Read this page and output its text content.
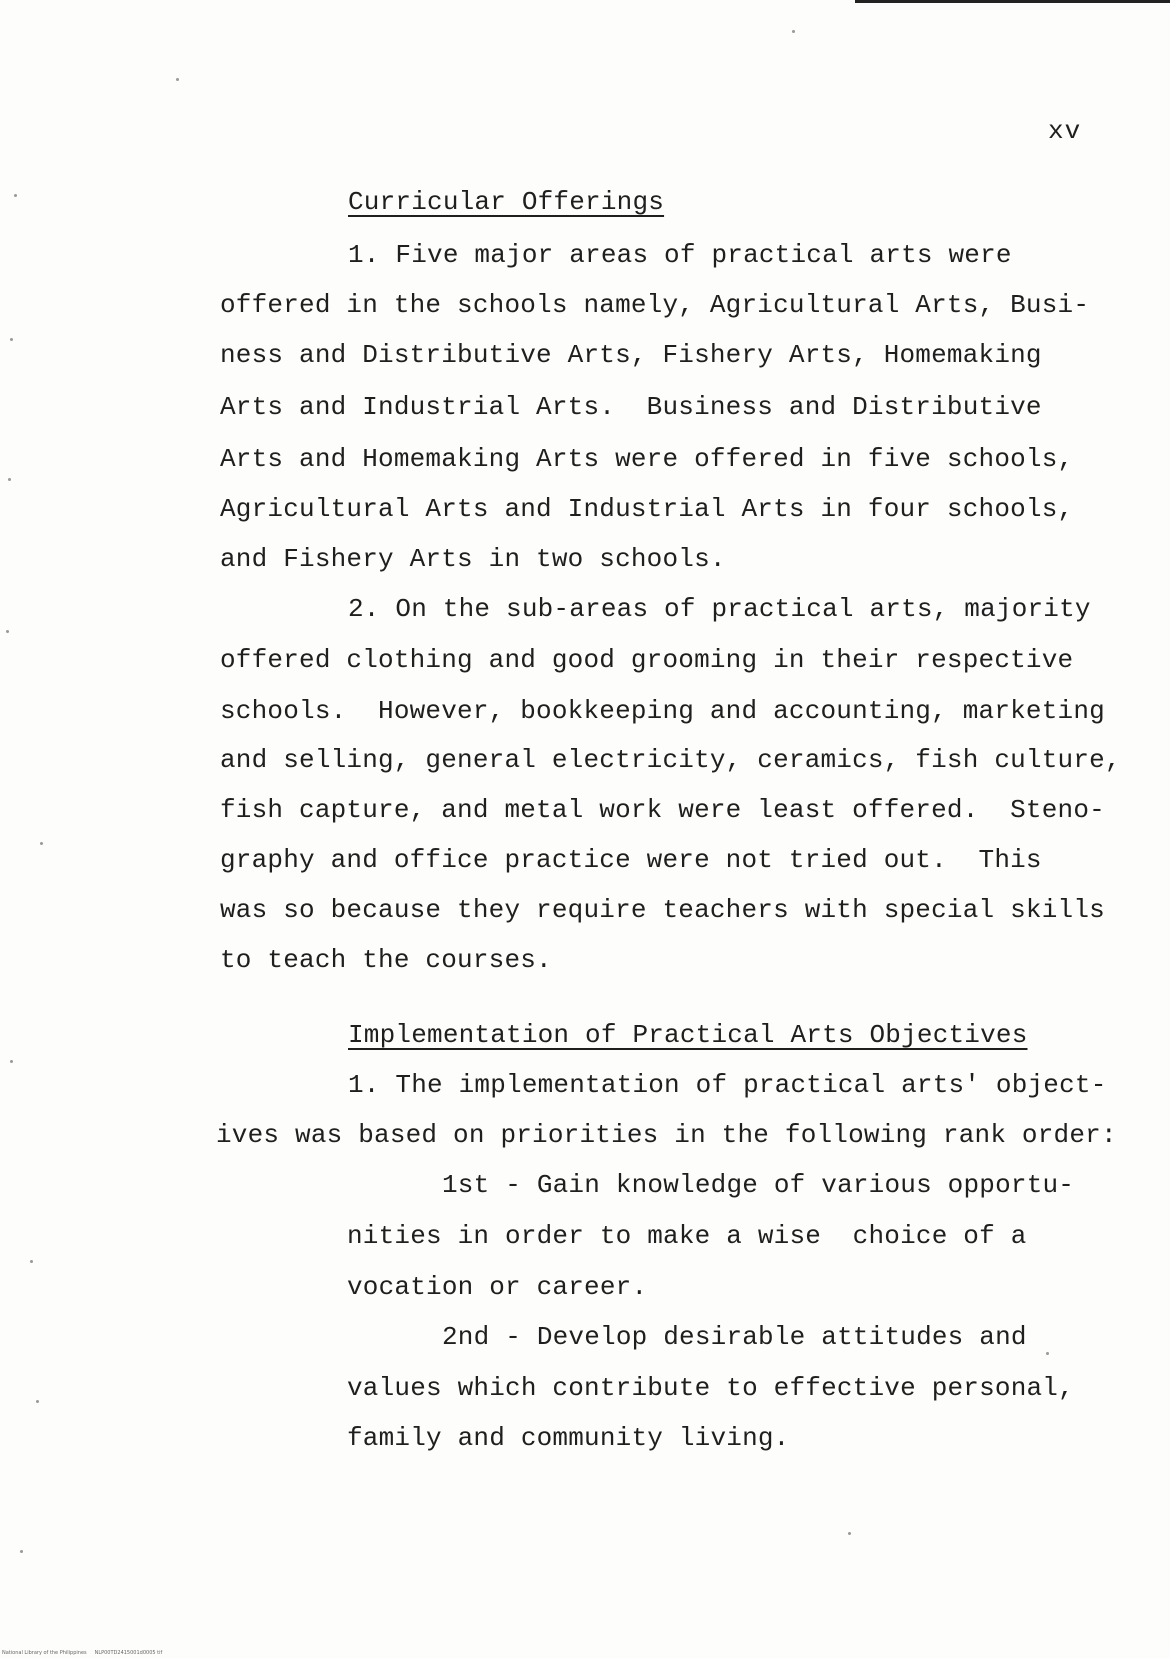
xv
Curricular Offerings
1. Five major areas of practical arts were
offered in the schools namely, Agricultural Arts, Busi-
ness and Distributive Arts, Fishery Arts, Homemaking
Arts and Industrial Arts.  Business and Distributive
Arts and Homemaking Arts were offered in five schools,
Agricultural Arts and Industrial Arts in four schools,
and Fishery Arts in two schools.
2. On the sub-areas of practical arts, majority
offered clothing and good grooming in their respective
schools.  However, bookkeeping and accounting, marketing
and selling, general electricity, ceramics, fish culture,
fish capture, and metal work were least offered.  Steno-
graphy and office practice were not tried out.  This
was so because they require teachers with special skills
to teach the courses.
Implementation of Practical Arts Objectives
1. The implementation of practical arts' object-
ives was based on priorities in the following rank order:
1st - Gain knowledge of various opportu-
nities in order to make a wise  choice of a
vocation or career.
2nd - Develop desirable attitudes and
values which contribute to effective personal,
family and community living.
National Library of the Philippines     NLP00TD2415001d0005 tif
